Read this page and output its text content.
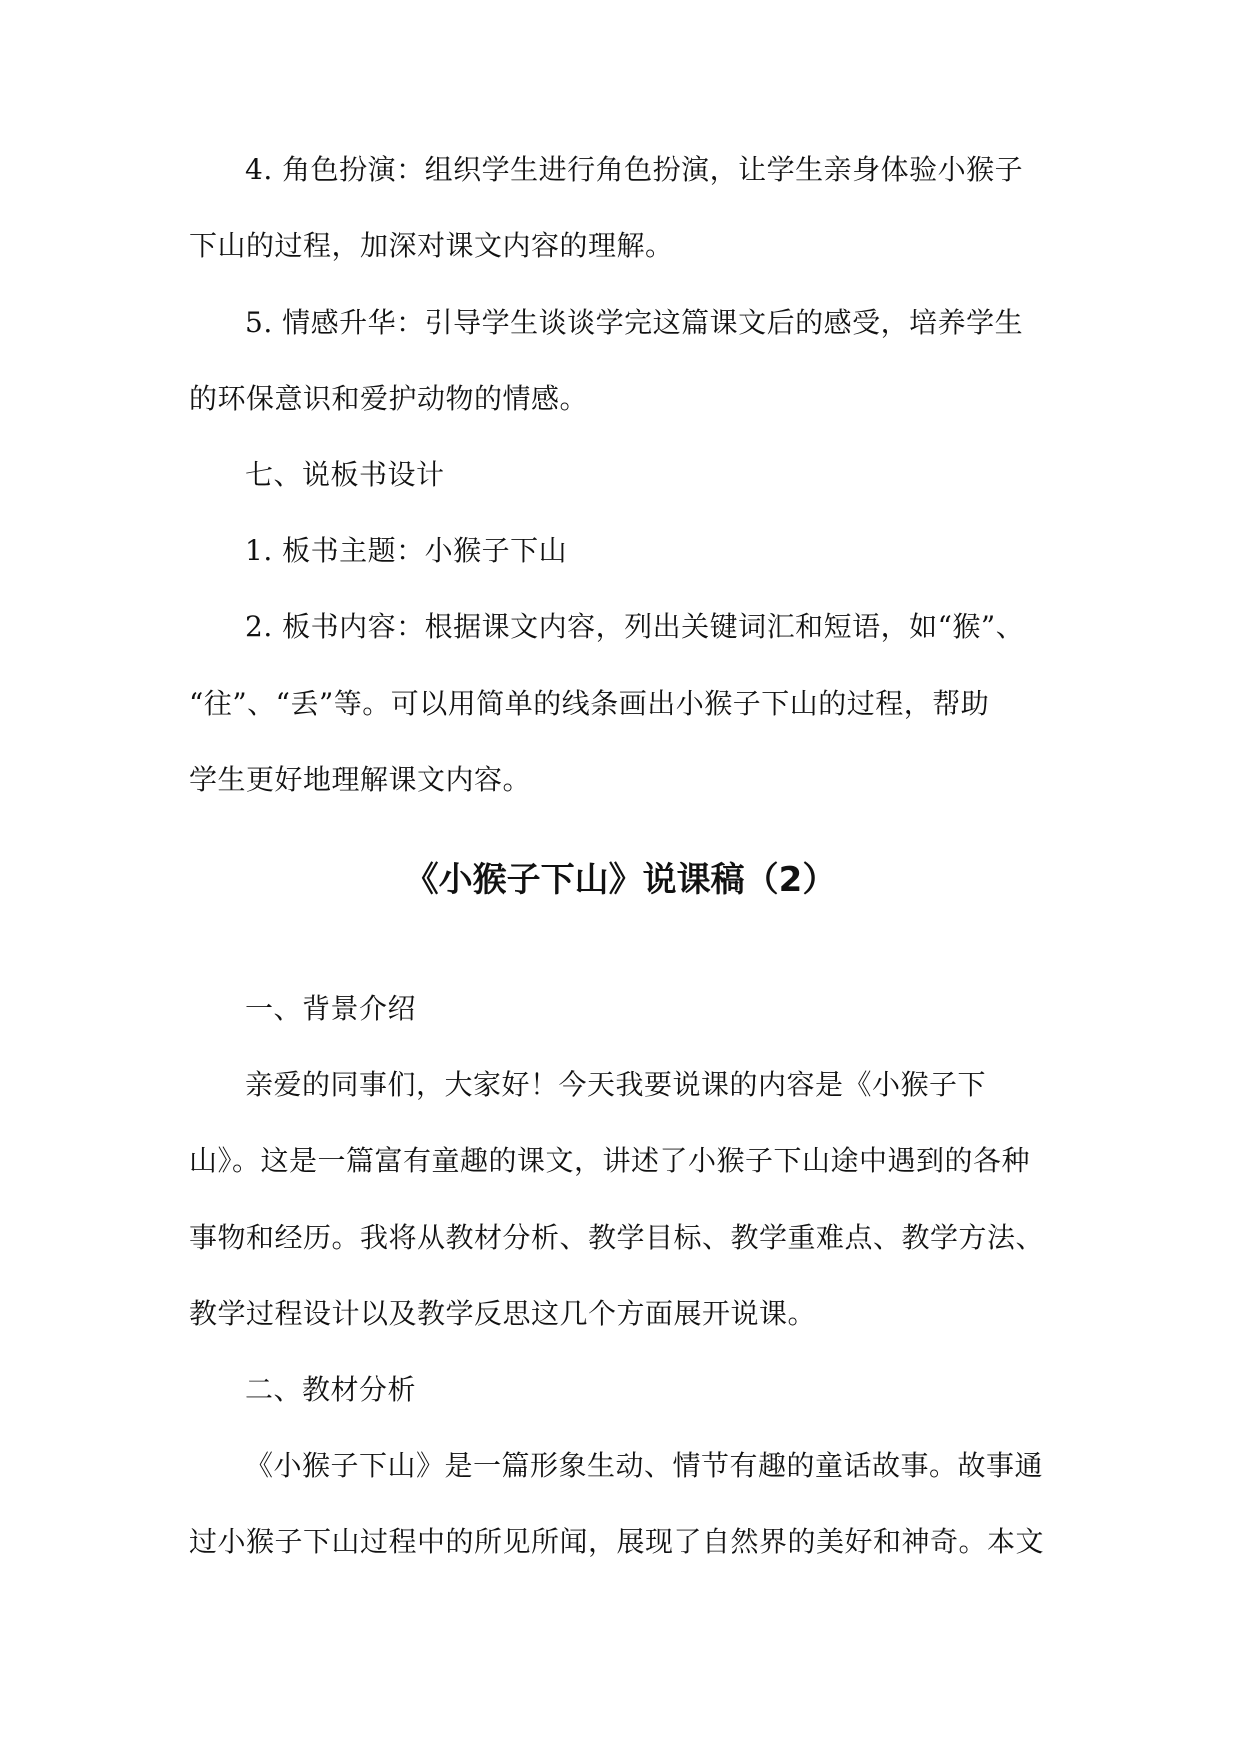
4. 角色扮演：组织学生进行角色扮演，让学生亲身体验小猴子
下山的过程，加深对课文内容的理解。
5. 情感升华：引导学生谈谈学完这篇课文后的感受，培养学生
的环保意识和爱护动物的情感。
七、说板书设计
1. 板书主题：小猴子下山
2. 板书内容：根据课文内容，列出关键词汇和短语，如“猴”、
“往”、“丢”等。可以用简单的线条画出小猴子下山的过程，帮助
学生更好地理解课文内容。
《小猴子下山》说课稿（2）
一、背景介绍
亲爱的同事们，大家好！今天我要说课的内容是《小猴子下
山》。这是一篇富有童趣的课文，讲述了小猴子下山途中遇到的各种
事物和经历。我将从教材分析、教学目标、教学重难点、教学方法、
教学过程设计以及教学反思这几个方面展开说课。
二、教材分析
《小猴子下山》是一篇形象生动、情节有趣的童话故事。故事通
过小猴子下山过程中的所见所闻，展现了自然界的美好和神奇。本文
